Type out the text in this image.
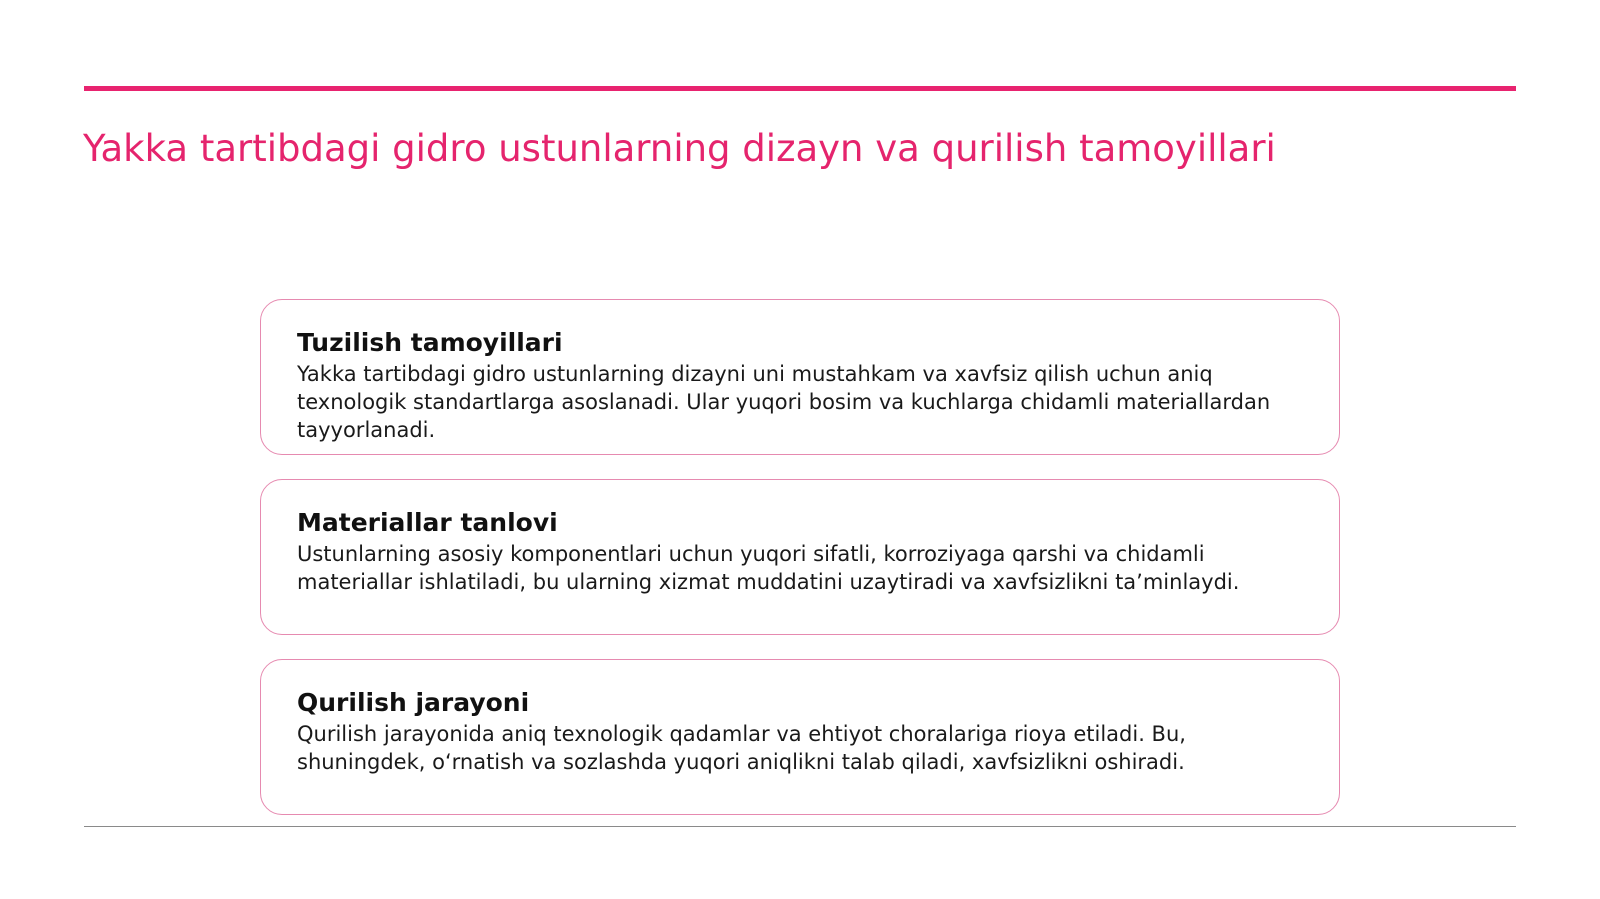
Yakka tartibdagi gidro ustunlarning dizayn va qurilish tamoyillari
Tuzilish tamoyillari

Yakka tartibdagi gidro ustunlarning dizayni uni mustahkam va xavfsiz qilish uchun aniq texnologik standartlarga asoslanadi. Ular yuqori bosim va kuchlarga chidamli materiallardan tayyorlanadi.

Materiallar tanlovi

Ustunlarning asosiy komponentlari uchun yuqori sifatli, korroziyaga qarshi va chidamli materiallar ishlatiladi, bu ularning xizmat muddatini uzaytiradi va xavfsizlikni taʼminlaydi.

Qurilish jarayoni

Qurilish jarayonida aniq texnologik qadamlar va ehtiyot choralariga rioya etiladi. Bu, shuningdek, oʻrnatish va sozlashda yuqori aniqlikni talab qiladi, xavfsizlikni oshiradi.
